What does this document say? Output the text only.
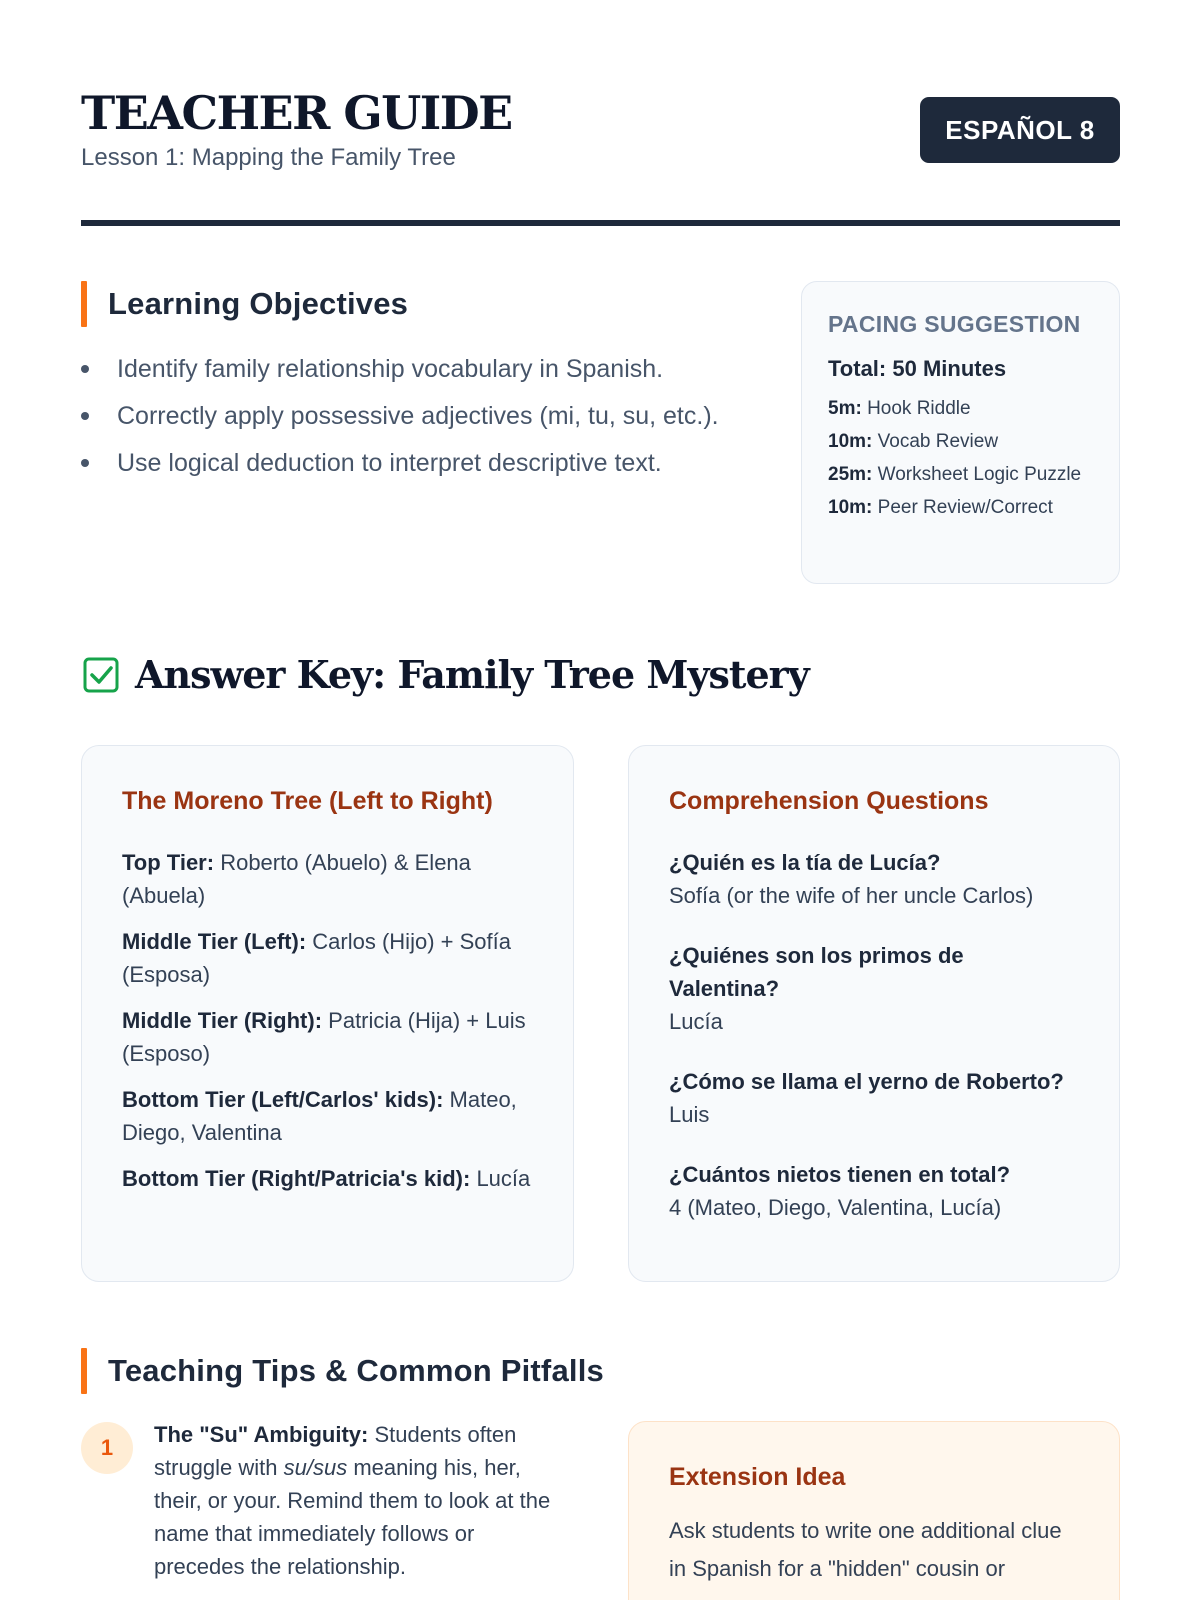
TEACHER GUIDE
Lesson 1: Mapping the Family Tree
ESPAÑOL 8
Learning Objectives
Identify family relationship vocabulary in Spanish.
Correctly apply possessive adjectives (mi, tu, su, etc.).
Use logical deduction to interpret descriptive text.
PACING SUGGESTION
Total: 50 Minutes
5m: Hook Riddle
10m: Vocab Review
25m: Worksheet Logic Puzzle
10m: Peer Review/Correct
Answer Key: Family Tree Mystery
The Moreno Tree (Left to Right)
Top Tier: Roberto (Abuelo) & Elena (Abuela)
Middle Tier (Left): Carlos (Hijo) + Sofía (Esposa)
Middle Tier (Right): Patricia (Hija) + Luis (Esposo)
Bottom Tier (Left/Carlos' kids): Mateo, Diego, Valentina
Bottom Tier (Right/Patricia's kid): Lucía
Comprehension Questions
¿Quién es la tía de Lucía?
Sofía (or the wife of her uncle Carlos)
¿Quiénes son los primos de Valentina?
Lucía
¿Cómo se llama el yerno de Roberto?
Luis
¿Cuántos nietos tienen en total?
4 (Mateo, Diego, Valentina, Lucía)
Teaching Tips & Common Pitfalls
1
The "Su" Ambiguity: Students often struggle with su/sus meaning his, her, their, or your. Remind them to look at the name that immediately follows or precedes the relationship.
Extension Idea
Ask students to write one additional clue in Spanish for a "hidden" cousin or
